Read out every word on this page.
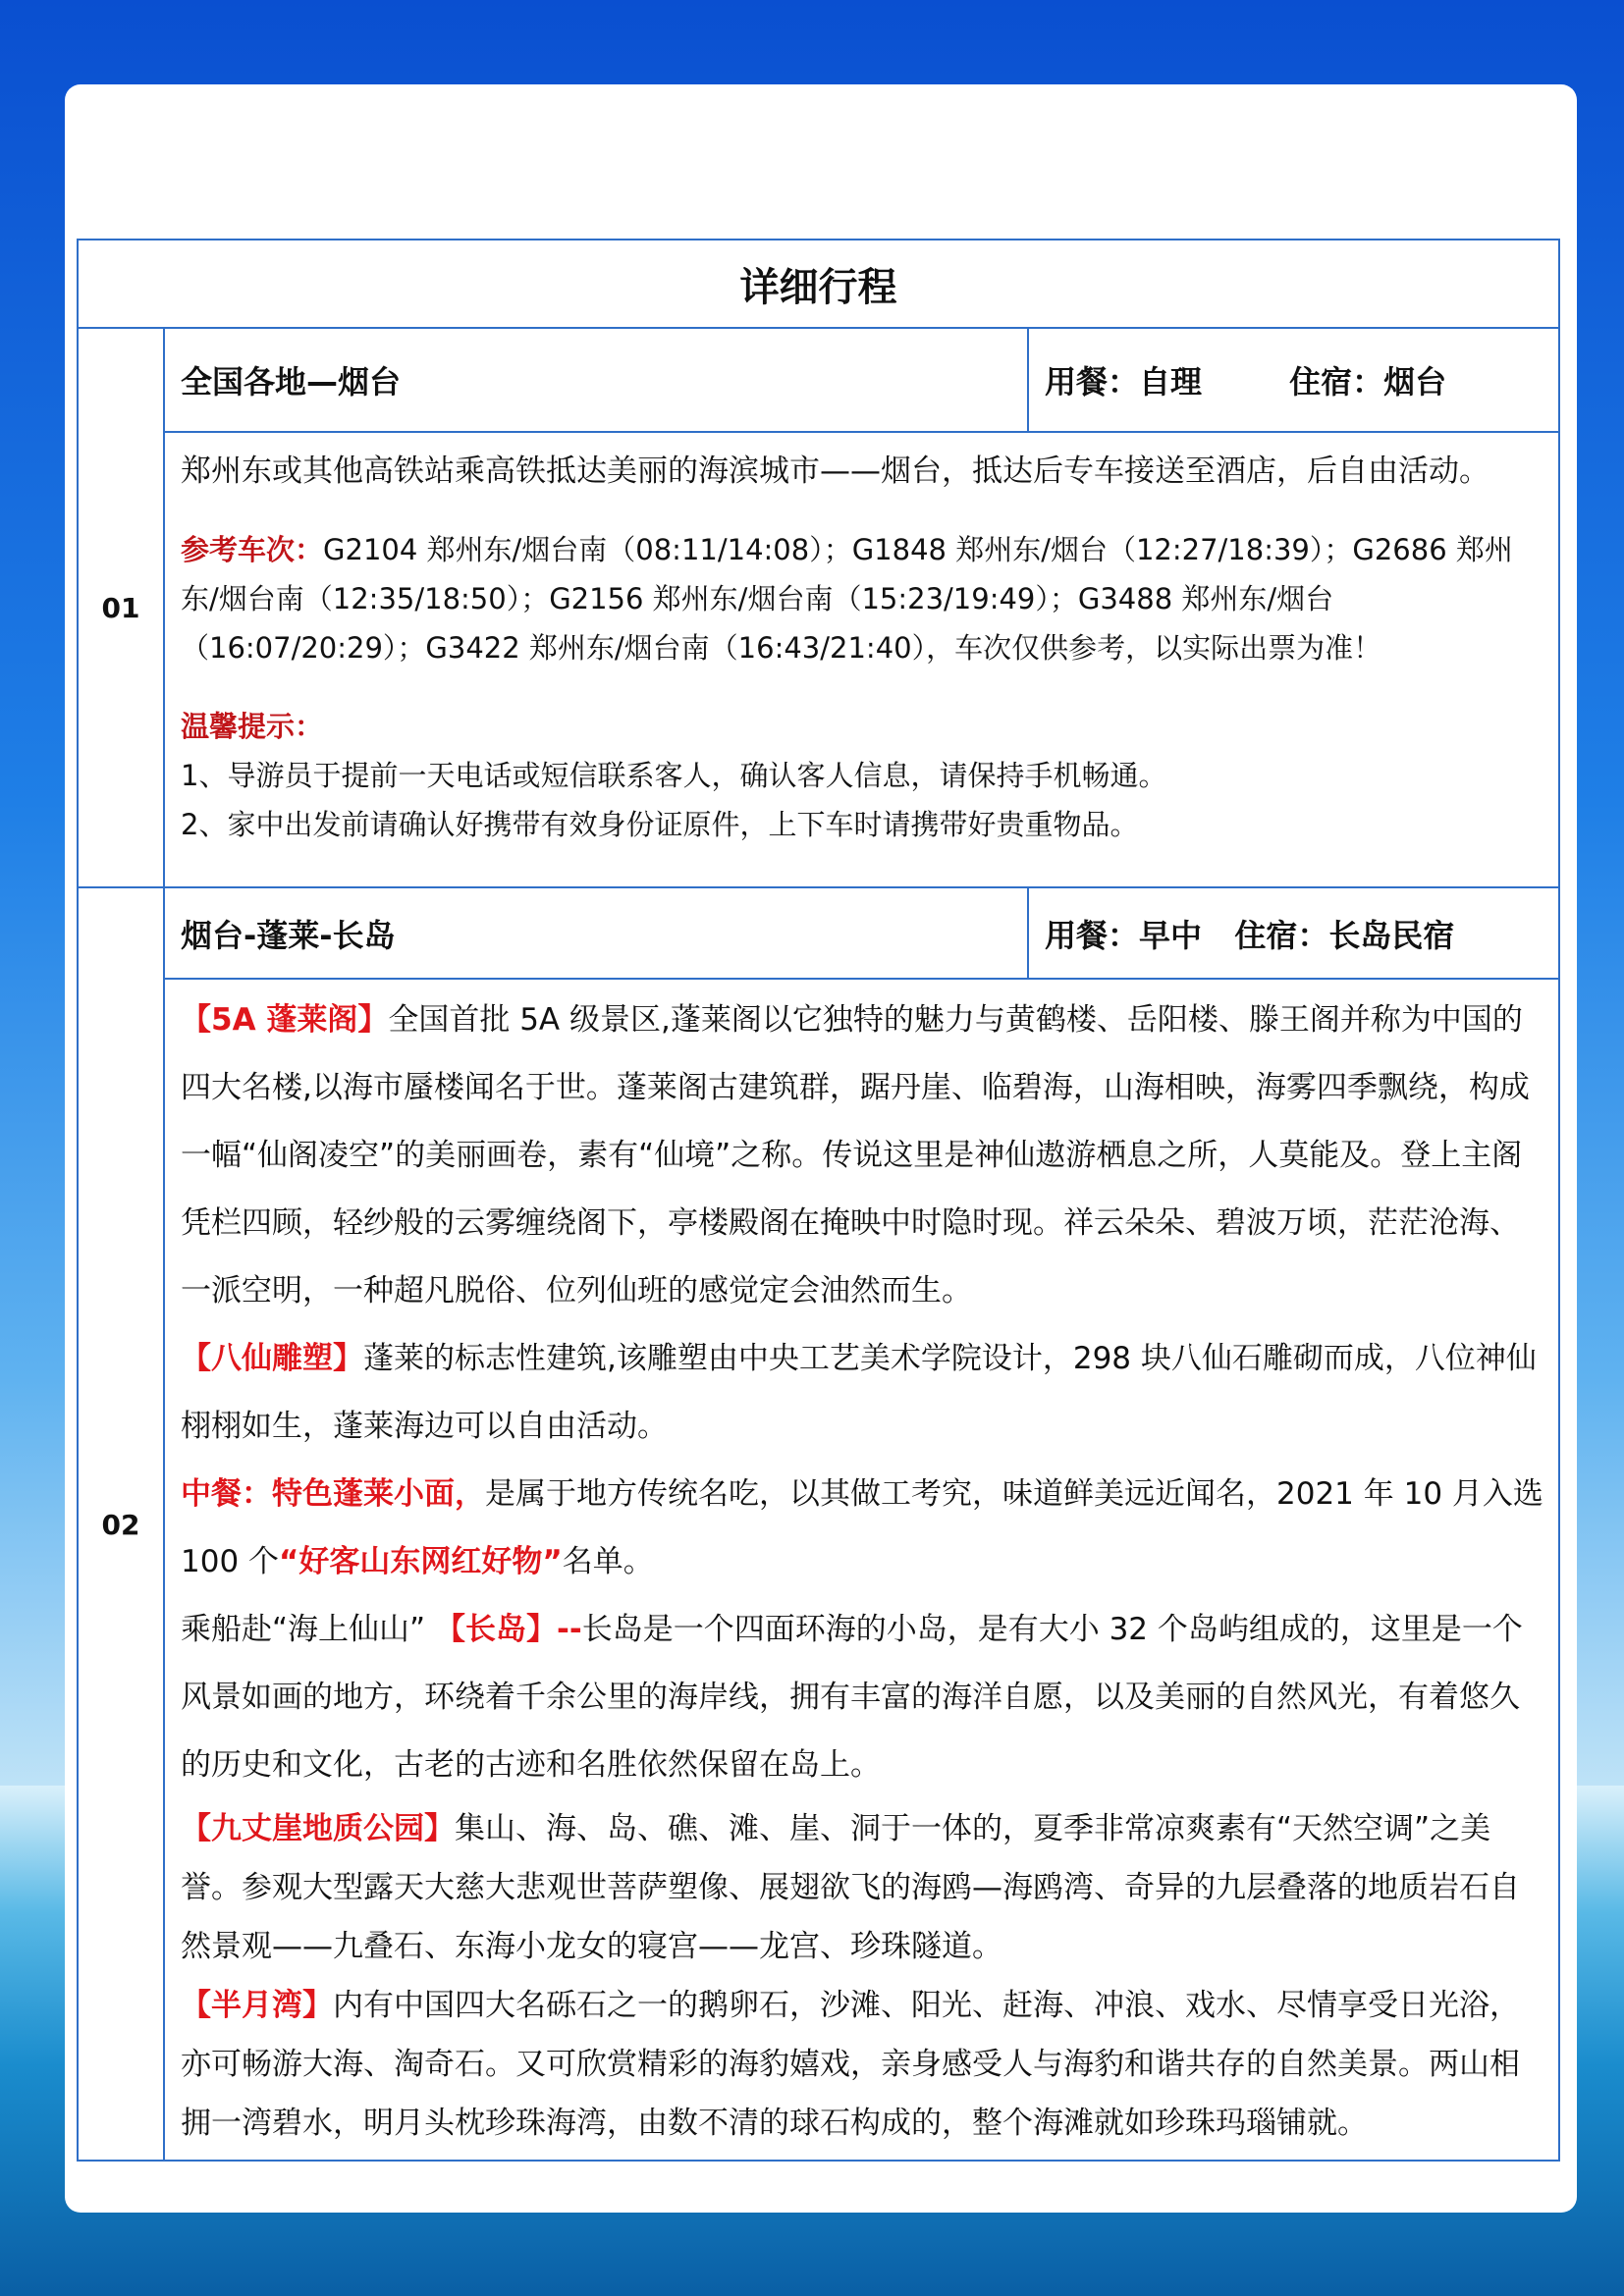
详细行程
01
全国各地—烟台	用餐：自理        住宿：烟台

郑州东或其他高铁站乘高铁抵达美丽的海滨城市——烟台，抵达后专车接送至酒店，后自由活动。

参考车次：G2104 郑州东/烟台南（08:11/14:08）；G1848 郑州东/烟台（12:27/18:39）；G2686 郑州东/烟台南（12:35/18:50）；G2156 郑州东/烟台南（15:23/19:49）；G3488 郑州东/烟台（16:07/20:29）；G3422 郑州东/烟台南（16:43/21:40），车次仅供参考，以实际出票为准！

温馨提示：

1、导游员于提前一天电话或短信联系客人，确认客人信息，请保持手机畅通。

2、家中出发前请确认好携带有效身份证原件，上下车时请携带好贵重物品。

02
烟台-蓬莱-长岛	用餐：早中   住宿：长岛民宿

【5A 蓬莱阁】全国首批 5A 级景区,蓬莱阁以它独特的魅力与黄鹤楼、岳阳楼、滕王阁并称为中国的四大名楼,以海市蜃楼闻名于世。蓬莱阁古建筑群，踞丹崖、临碧海，山海相映，海雾四季飘绕，构成一幅“仙阁凌空”的美丽画卷，素有“仙境”之称。传说这里是神仙遨游栖息之所，人莫能及。登上主阁凭栏四顾，轻纱般的云雾缠绕阁下，亭楼殿阁在掩映中时隐时现。祥云朵朵、碧波万顷，茫茫沧海、一派空明，一种超凡脱俗、位列仙班的感觉定会油然而生。

【八仙雕塑】蓬莱的标志性建筑,该雕塑由中央工艺美术学院设计，298 块八仙石雕砌而成，八位神仙栩栩如生，蓬莱海边可以自由活动。

中餐：特色蓬莱小面，是属于地方传统名吃，以其做工考究，味道鲜美远近闻名，2021 年 10 月入选 100 个“好客山东网红好物”名单。

乘船赴“海上仙山” 【长岛】--长岛是一个四面环海的小岛，是有大小 32 个岛屿组成的，这里是一个风景如画的地方，环绕着千余公里的海岸线，拥有丰富的海洋自愿，以及美丽的自然风光，有着悠久的历史和文化，古老的古迹和名胜依然保留在岛上。

【九丈崖地质公园】集山、海、岛、礁、滩、崖、洞于一体的，夏季非常凉爽素有“天然空调”之美誉。参观大型露天大慈大悲观世菩萨塑像、展翅欲飞的海鸥—海鸥湾、奇异的九层叠落的地质岩石自然景观——九叠石、东海小龙女的寝宫——龙宫、珍珠隧道。

【半月湾】内有中国四大名砾石之一的鹅卵石，沙滩、阳光、赶海、冲浪、戏水、尽情享受日光浴，亦可畅游大海、淘奇石。又可欣赏精彩的海豹嬉戏，亲身感受人与海豹和谐共存的自然美景。两山相拥一湾碧水，明月头枕珍珠海湾，由数不清的球石构成的，整个海滩就如珍珠玛瑙铺就。
